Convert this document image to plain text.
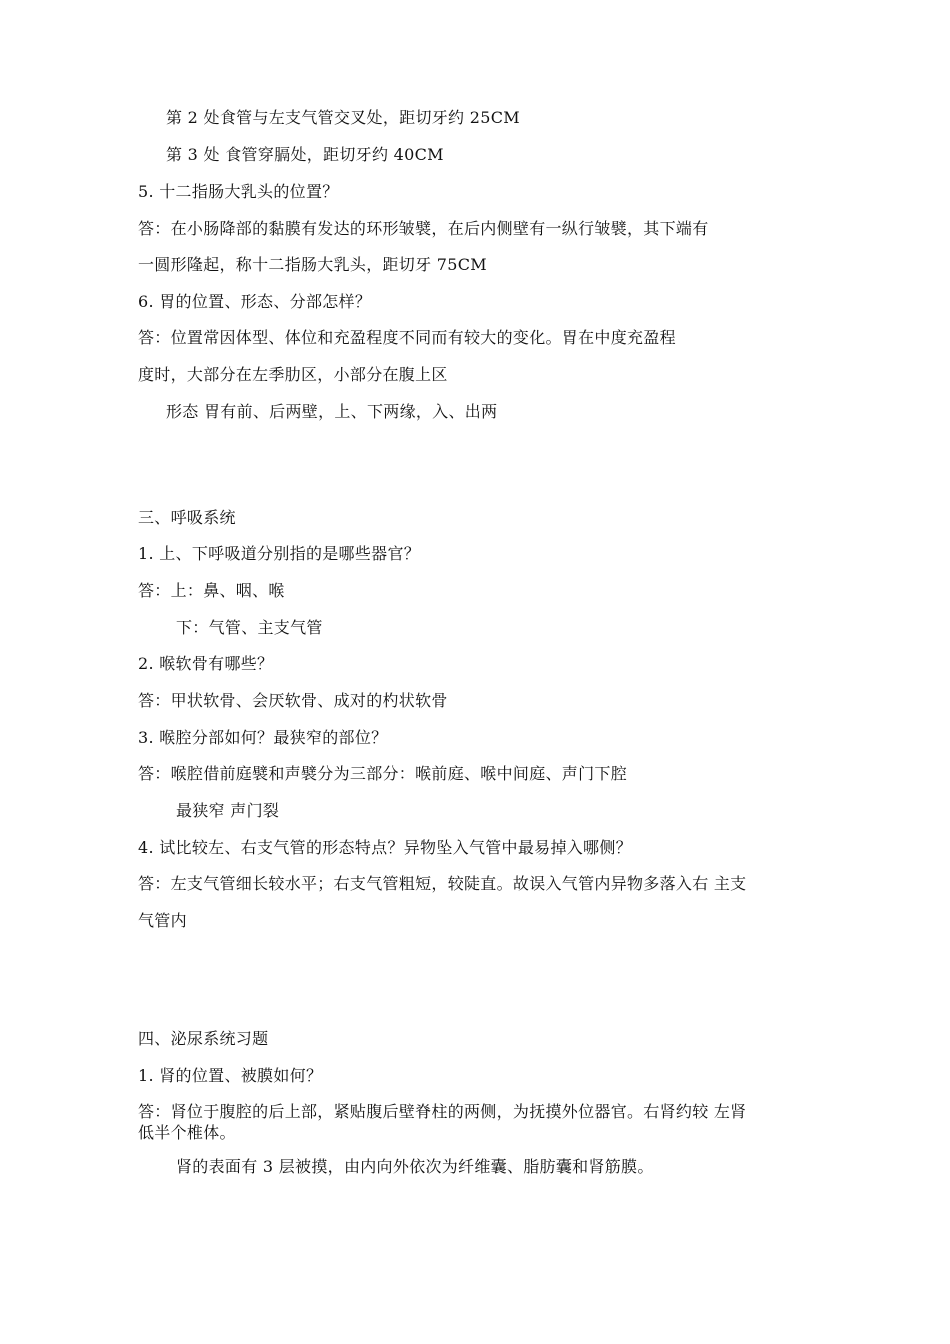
第 2 处食管与左支气管交叉处，距切牙约 25CM
第 3 处 食管穿膈处，距切牙约 40CM
5. 十二指肠大乳头的位置？
答：在小肠降部的黏膜有发达的环形皱襞，在后内侧壁有一纵行皱襞，其下端有
一圆形隆起，称十二指肠大乳头，距切牙 75CM
6. 胃的位置、形态、分部怎样？
答：位置常因体型、体位和充盈程度不同而有较大的变化。胃在中度充盈程
度时，大部分在左季肋区，小部分在腹上区
形态 胃有前、后两壁，上、下两缘，入、出两
三、呼吸系统
1. 上、下呼吸道分别指的是哪些器官？
答：上：鼻、咽、喉
下：气管、主支气管
2. 喉软骨有哪些？
答：甲状软骨、会厌软骨、成对的杓状软骨
3. 喉腔分部如何？最狭窄的部位？
答：喉腔借前庭襞和声襞分为三部分：喉前庭、喉中间庭、声门下腔
最狭窄 声门裂
4. 试比较左、右支气管的形态特点？异物坠入气管中最易掉入哪侧？
答：左支气管细长较水平；右支气管粗短，较陡直。故误入气管内异物多落入右 主支
气管内
四、泌尿系统习题
1. 肾的位置、被膜如何？
答：肾位于腹腔的后上部，紧贴腹后壁脊柱的两侧，为抚摸外位器官。右肾约较 左肾
低半个椎体。
肾的表面有 3 层被摸，由内向外依次为纤维囊、脂肪囊和肾筋膜。
